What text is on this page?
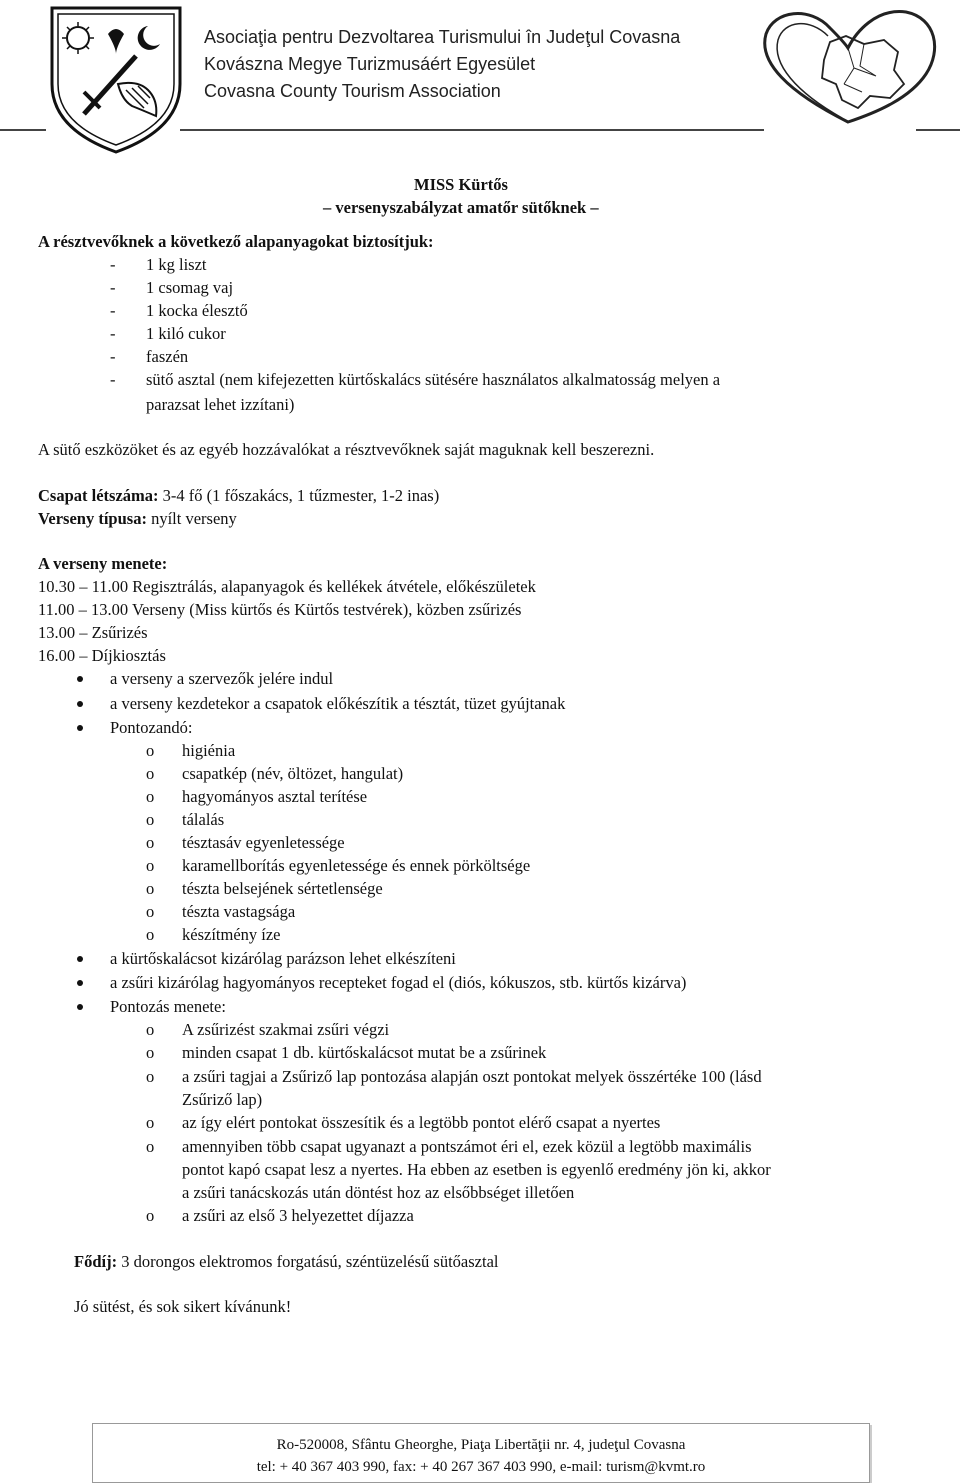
Asociaţia pentru Dezvoltarea Turismului în Judeţul Covasna
Kovászna Megye Turizmusáért Egyesület
Covasna County Tourism Association
MISS Kürtős
– versenyszabályzat amatőr sütőknek –
A résztvevőknek a következő alapanyagokat biztosítjuk:
- 1 kg liszt
- 1 csomag vaj
- 1 kocka élesztő
- 1 kiló cukor
- faszén
- sütő asztal (nem kifejezetten kürtőskalács sütésére használatos alkalmatosság melyen a
parazsat lehet izzítani)
A sütő eszközöket és az egyéb hozzávalókat a résztvevőknek saját maguknak kell beszerezni.
Csapat létszáma: 3-4 fő (1 főszakács, 1 tűzmester, 1-2 inas)
Verseny típusa: nyílt verseny
A verseny menete:
10.30 – 11.00 Regisztrálás, alapanyagok és kellékek átvétele, előkészületek
11.00 – 13.00 Verseny (Miss kürtős és Kürtős testvérek), közben zsűrizés
13.00 – Zsűrizés
16.00 – Díjkiosztás
a verseny a szervezők jelére indul
a verseny kezdetekor a csapatok előkészítik a tésztát, tüzet gyújtanak
Pontozandó:
o higiénia
o csapatkép (név, öltözet, hangulat)
o hagyományos asztal terítése
o tálalás
o tésztasáv egyenletessége
o karamellborítás egyenletessége és ennek pörköltsége
o tészta belsejének sértetlensége
o tészta vastagsága
o készítmény íze
a kürtőskalácsot kizárólag parázson lehet elkészíteni
a zsűri kizárólag hagyományos recepteket fogad el (diós, kókuszos, stb. kürtős kizárva)
Pontozás menete:
o A zsűrizést szakmai zsűri végzi
o minden csapat 1 db. kürtőskalácsot mutat be a zsűrinek
o a zsűri tagjai a Zsűriző lap pontozása alapján oszt pontokat melyek összértéke 100 (lásd
Zsűriző lap)
o az így elért pontokat összesítik és a legtöbb pontot elérő csapat a nyertes
o amennyiben több csapat ugyanazt a pontszámot éri el, ezek közül a legtöbb maximális
pontot kapó csapat lesz a nyertes. Ha ebben az esetben is egyenlő eredmény jön ki, akkor
a zsűri tanácskozás után döntést hoz az elsőbbséget illetően
o a zsűri az első 3 helyezettet díjazza
Fődíj: 3 dorongos elektromos forgatású, széntüzelésű sütőasztal
Jó sütést, és sok sikert kívánunk!
Ro-520008, Sfântu Gheorghe, Piaţa Libertăţii nr. 4, judeţul Covasna
tel: + 40 367 403 990, fax: + 40 267 367 403 990, e-mail: turism@kvmt.ro
